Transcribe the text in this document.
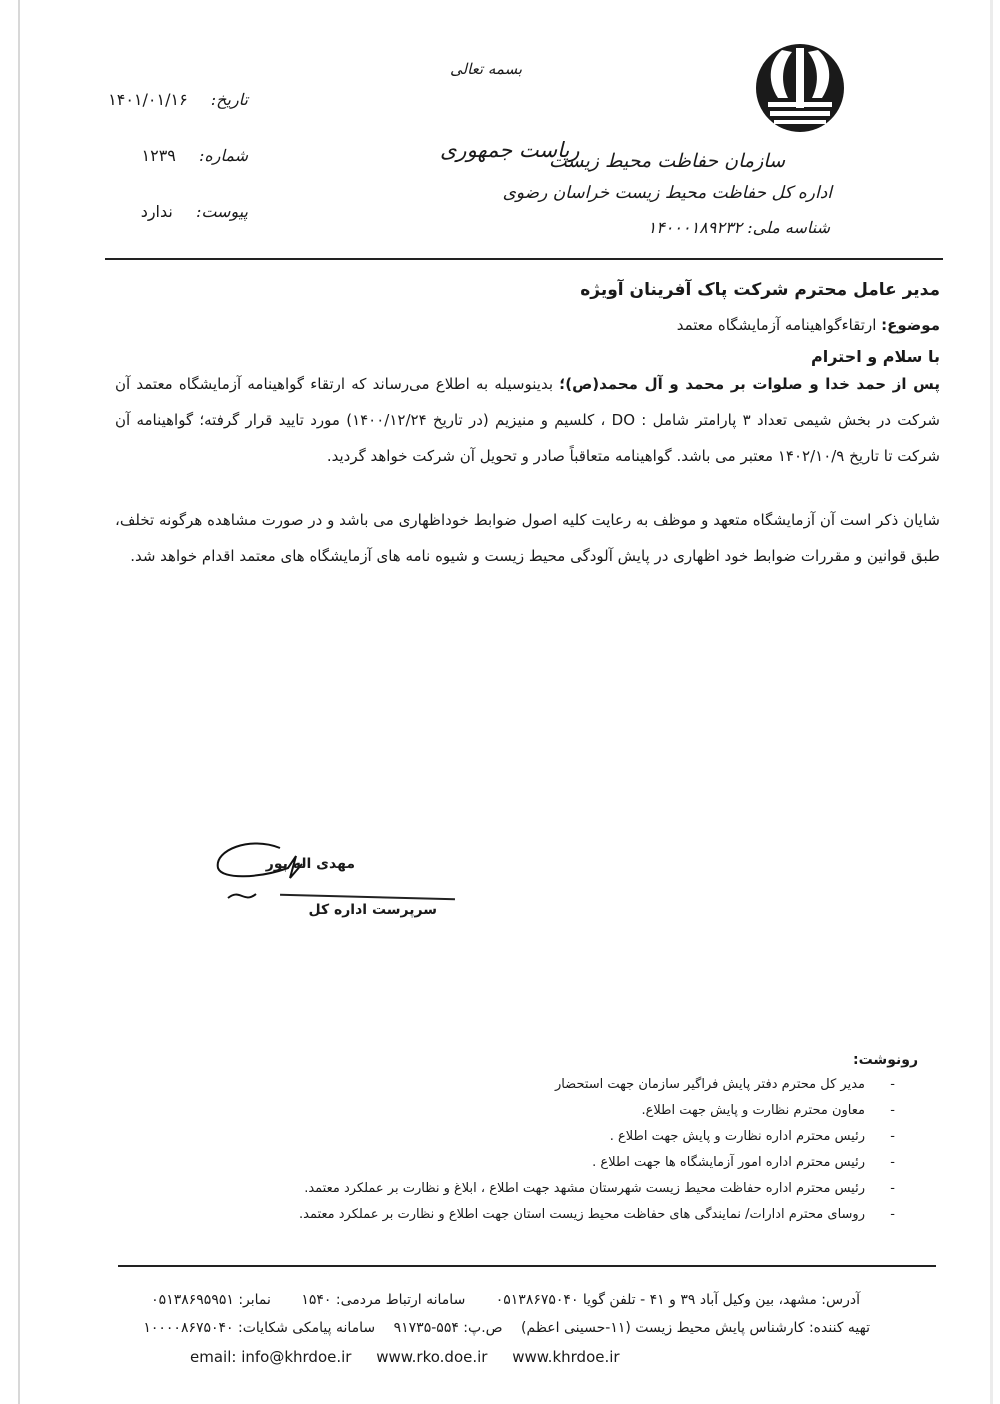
سازمان حفاظت محیط زیست
اداره کل حفاظت محیط زیست خراسان رضوی
شناسه ملی: ۱۴۰۰۰۱۸۹۲۳۲
بسمه تعالی
ریاست جمهوری
تاریخ: ۱۴۰۱/۰۱/۱۶
شماره: ۱۲۳۹
پیوست: ندارد
مدیر عامل محترم شرکت پاک آفرینان آویژه
موضوع: ارتقاءگواهینامه آزمایشگاه معتمد
با سلام و احترام
پس از حمد خدا و صلوات بر محمد و آل محمد(ص)؛ بدینوسیله به اطلاع می‌رساند که ارتقاء گواهینامه آزمایشگاه معتمد آن شرکت در بخش شیمی تعداد ۳ پارامتر شامل : DO ، کلسیم و منیزیم (در تاریخ ۱۴۰۰/۱۲/۲۴) مورد تایید قرار گرفته؛ گواهینامه آن شرکت تا تاریخ ۱۴۰۲/۱۰/۹ معتبر می باشد. گواهینامه متعاقباً صادر و تحویل آن شرکت خواهد گردید.
شایان ذکر است آن آزمایشگاه متعهد و موظف به رعایت کلیه اصول ضوابط خوداظهاری می باشد و در صورت مشاهده هرگونه تخلف، طبق قوانین و مقررات ضوابط خود اظهاری در پایش آلودگی محیط زیست و شیوه نامه های آزمایشگاه های معتمد اقدام خواهد شد.
مهدی اله پور
سرپرست اداره کل
رونوشت:
- مدیر کل محترم دفتر پایش فراگیر سازمان جهت استحضار
- معاون محترم نظارت و پایش جهت اطلاع.
- رئیس محترم اداره نظارت و پایش جهت اطلاع .
- رئیس محترم اداره امور آزمایشگاه ها جهت اطلاع .
- رئیس محترم اداره حفاظت محیط زیست شهرستان مشهد جهت اطلاع ، ابلاغ و نظارت بر عملکرد معتمد.
- روسای محترم ادارات/ نمایندگی های حفاظت محیط زیست استان جهت اطلاع و نظارت بر عملکرد معتمد.
آدرس: مشهد، بین وکیل آباد ۳۹ و ۴۱ - تلفن گویا ۰۵۱۳۸۶۷۵۰۴۰ سامانه ارتباط مردمی: ۱۵۴۰ نمابر: ۰۵۱۳۸۶۹۵۹۵۱
تهیه کننده: کارشناس پایش محیط زیست (۱۱-حسینی اعظم) ص.پ: ۵۵۴-۹۱۷۳۵ سامانه پیامکی شکایات: ۱۰۰۰۰۸۶۷۵۰۴۰
email: info@khrdoe.ir www.rko.doe.ir www.khrdoe.ir
